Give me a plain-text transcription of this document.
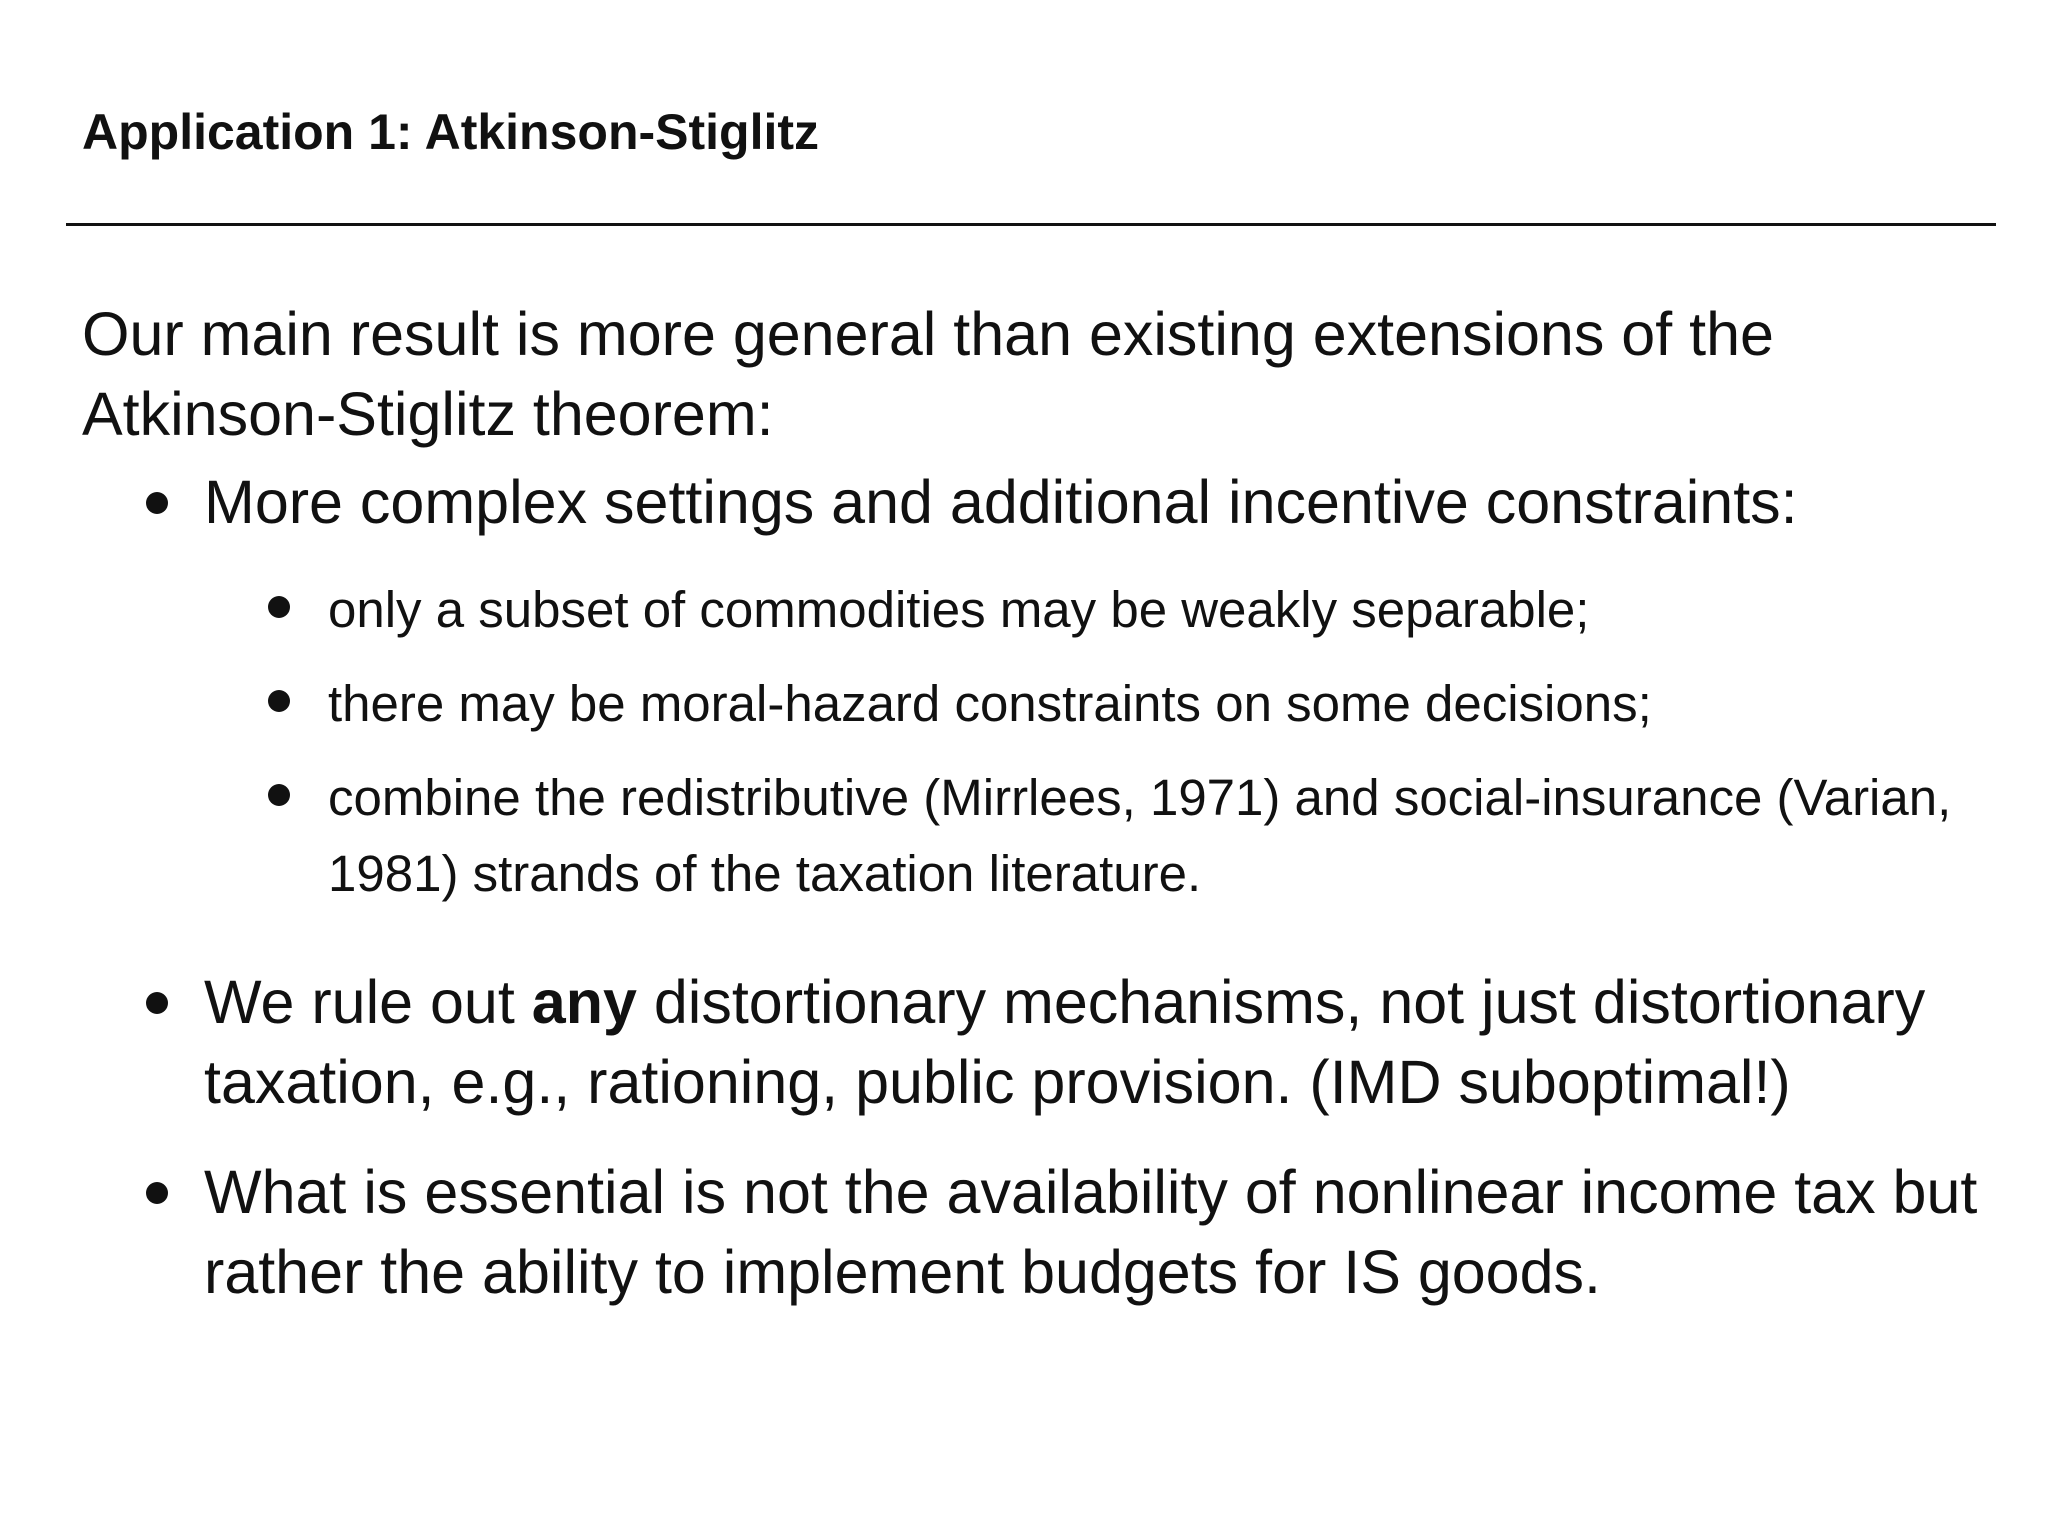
Application 1: Atkinson-Stiglitz
Our main result is more general than existing extensions of the Atkinson-Stiglitz theorem:
More complex settings and additional incentive constraints:
only a subset of commodities may be weakly separable;
there may be moral-hazard constraints on some decisions;
combine the redistributive (Mirrlees, 1971) and social-insurance (Varian, 1981) strands of the taxation literature.
We rule out any distortionary mechanisms, not just distortionary taxation, e.g., rationing, public provision. (IMD suboptimal!)
What is essential is not the availability of nonlinear income tax but rather the ability to implement budgets for IS goods.
